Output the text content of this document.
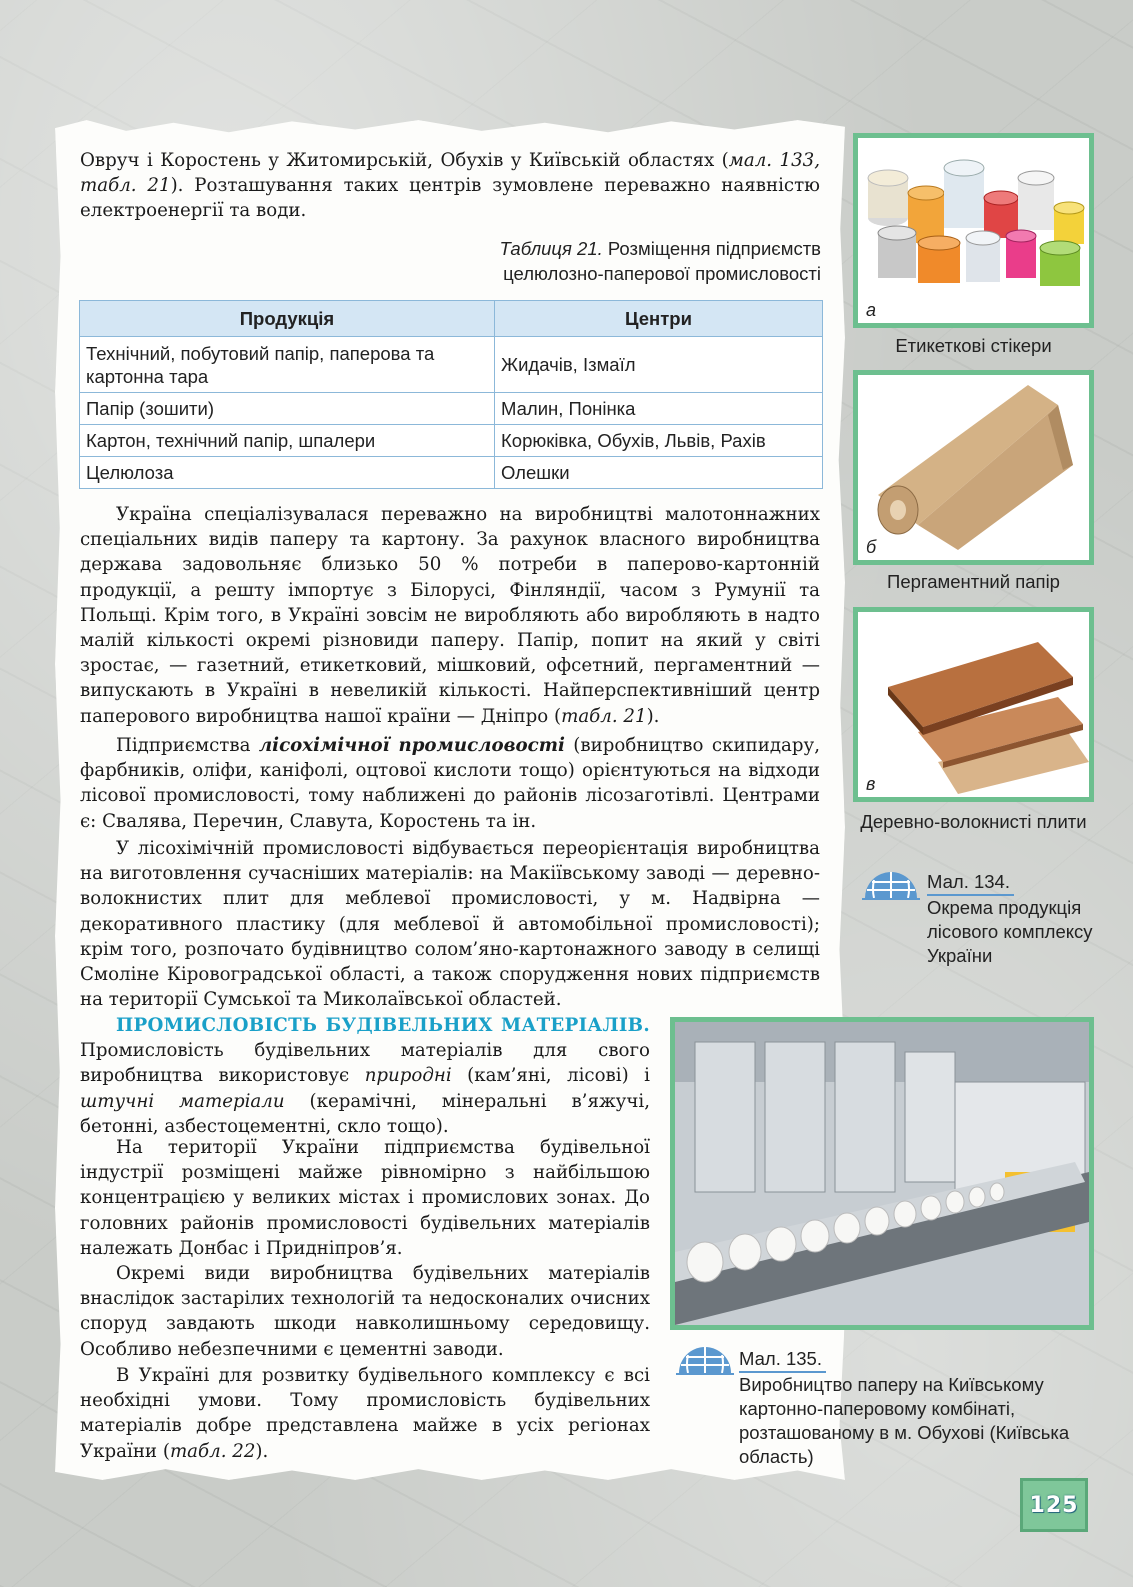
Овруч і Коростень у Житомирській, Обухів у Київській областях (мал. 133, табл. 21). Розташування таких центрів зумовлене переважно наявністю електроенергії та води.

Таблиця 21. Розміщення підприємств
целюлозно-паперової промисловості
Продукція	Центри
Технічний, побутовий папір, паперова та картонна тара	Жидачів, Ізмаїл
Папір (зошити)	Малин, Понінка
Картон, технічний папір, шпалери	Корюківка, Обухів, Львів, Рахів
Целюлоза	Олешки

Україна спеціалізувалася переважно на виробництві малотоннажних спеціальних видів паперу та картону. За рахунок власного виробництва держава задовольняє близько 50 % потреби в паперово-картонній продукції, а решту імпортує з Білорусі, Фінляндії, часом з Румунії та Польщі. Крім того, в Україні зовсім не виробляють або виробляють в надто малій кількості окремі різновиди паперу. Папір, попит на який у світі зростає, — газетний, етикетковий, мішковий, офсетний, пергаментний — випускають в Україні в невеликій кількості. Найперспективніший центр паперового виробництва нашої країни — Дніпро (табл. 21).

Підприємства лісохімічної промисловості (виробництво скипидару, фарбників, оліфи, каніфолі, оцтової кислоти тощо) орієнтуються на відходи лісової промисловості, тому наближені до районів лісозаготівлі. Центрами є: Свалява, Перечин, Славута, Коростень та ін.

У лісохімічній промисловості відбувається переорієнтація виробництва на виготовлення сучасніших матеріалів: на Макіївському заводі — деревно-волокнистих плит для меблевої промисловості, у м. Надвірна — декоративного пластику (для меблевої й автомобільної промисловості); крім того, розпочато будівництво солом’яно-картонажного заводу в селищі Смоліне Кіровоградської області, а також спорудження нових підприємств на території Сумської та Миколаївської областей.

ПРОМИСЛОВІСТЬ БУДІВЕЛЬНИХ МАТЕРІАЛІВ. Промисловість будівельних матеріалів для свого виробництва використовує природні (кам’яні, лісові) і штучні матеріали (керамічні, мінеральні в’яжучі, бетонні, азбестоцементні, скло тощо).

На території України підприємства будівельної індустрії розміщені майже рівномірно з найбільшою концентрацією у великих містах і промислових зонах. До головних районів промисловості будівельних матеріалів належать Донбас і Придніпров’я.

Окремі види виробництва будівельних матеріалів внаслідок застарілих технологій та недосконалих очисних споруд завдають шкоди навколишньому середовищу. Особливо небезпечними є цементні заводи.

В Україні для розвитку будівельного комплексу є всі необхідні умови. Тому промисловість будівельних матеріалів добре представлена майже в усіх регіонах України (табл. 22).

а
Етикеткові стікери
б
Пергаментний папір
в
Деревно-волокнисті плити
Мал. 134.
Окрема продукція лісового комплексу України
Мал. 135.
Виробництво паперу на Київському картонно-паперовому комбінаті, розташованому в м. Обухові (Київська область)
125
